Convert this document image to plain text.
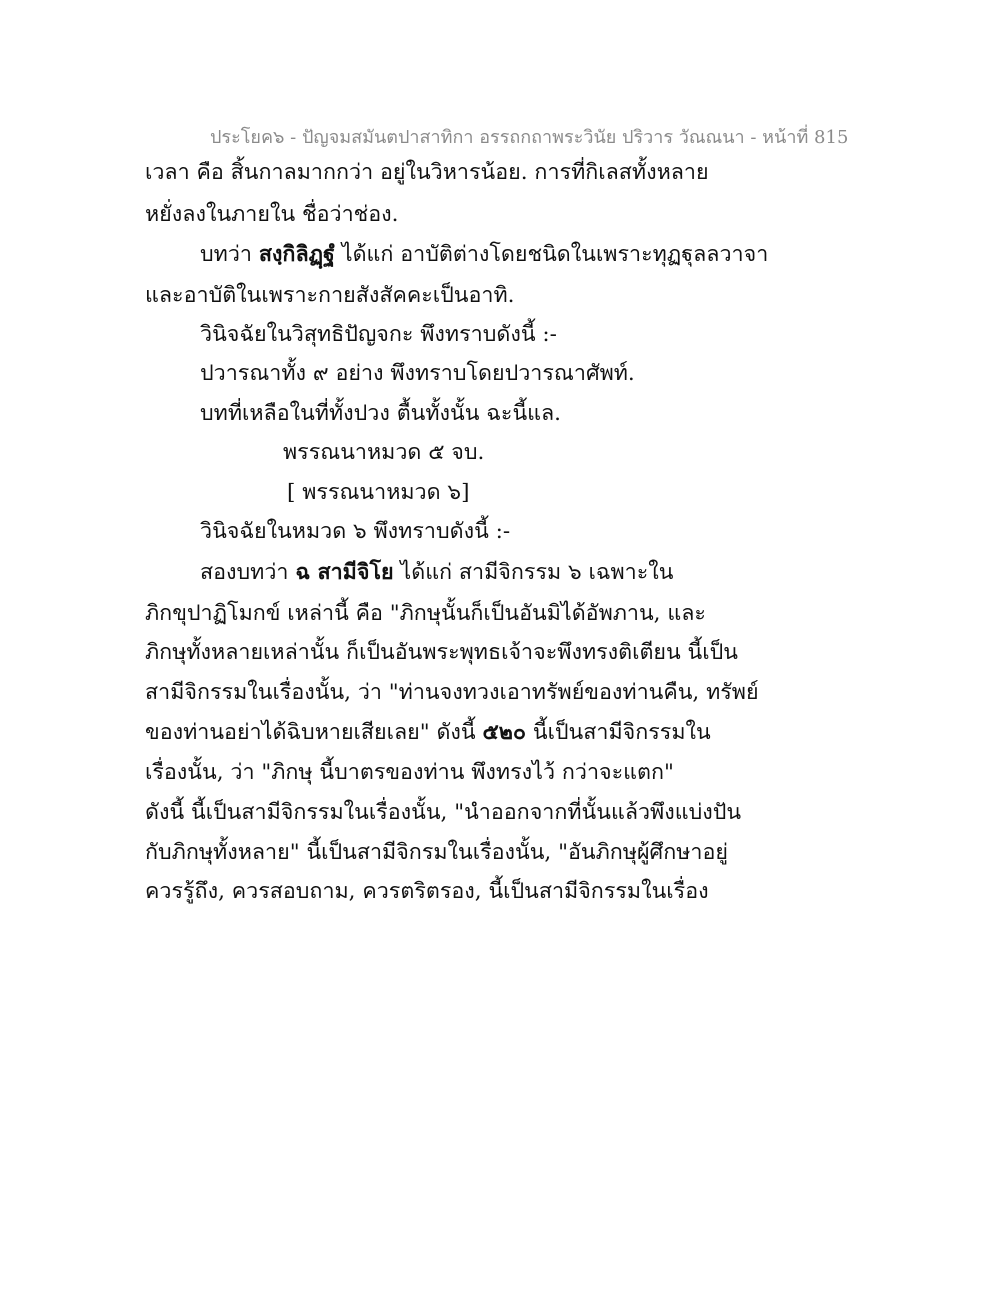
ประโยค๖ - ปัญจมสมันตปาสาทิกา อรรถกถาพระวินัย ปริวาร วัณณนา - หน้าที่ 815
เวลา คือ สิ้นกาลมากกว่า อยู่ในวิหารน้อย. การที่กิเลสทั้งหลาย
หยั่งลงในภายใน ชื่อว่าช่อง.
บทว่า สงฺกิลิฏฺฐํ ได้แก่ อาบัติต่างโดยชนิดในเพราะทุฏฐุลลวาจา
และอาบัติในเพราะกายสังสัคคะเป็นอาทิ.
วินิจฉัยในวิสุทธิปัญจกะ พึงทราบดังนี้ :-
ปวารณาทั้ง ๙ อย่าง พึงทราบโดยปวารณาศัพท์.
บทที่เหลือในที่ทั้งปวง ตื้นทั้งนั้น ฉะนี้แล.
พรรณนาหมวด ๕ จบ.
[ พรรณนาหมวด ๖]
วินิจฉัยในหมวด ๖ พึงทราบดังนี้ :-
สองบทว่า ฉ สามีจิโย ได้แก่ สามีจิกรรม ๖ เฉพาะใน
ภิกขุปาฏิโมกข์ เหล่านี้ คือ "ภิกษุนั้นก็เป็นอันมิได้อัพภาน, และ
ภิกษุทั้งหลายเหล่านั้น ก็เป็นอันพระพุทธเจ้าจะพึงทรงติเตียน นี้เป็น
สามีจิกรรมในเรื่องนั้น, ว่า "ท่านจงทวงเอาทรัพย์ของท่านคืน, ทรัพย์
ของท่านอย่าได้ฉิบหายเสียเลย" ดังนี้ ๕๒๐ นี้เป็นสามีจิกรรมใน
เรื่องนั้น, ว่า "ภิกษุ นี้บาตรของท่าน พึงทรงไว้ กว่าจะแตก"
ดังนี้ นี้เป็นสามีจิกรรมในเรื่องนั้น, "นำออกจากที่นั้นแล้วพึงแบ่งปัน
กับภิกษุทั้งหลาย" นี้เป็นสามีจิกรมในเรื่องนั้น, "อันภิกษุผู้ศึกษาอยู่
ควรรู้ถึง, ควรสอบถาม, ควรตริตรอง, นี้เป็นสามีจิกรรมในเรื่อง
